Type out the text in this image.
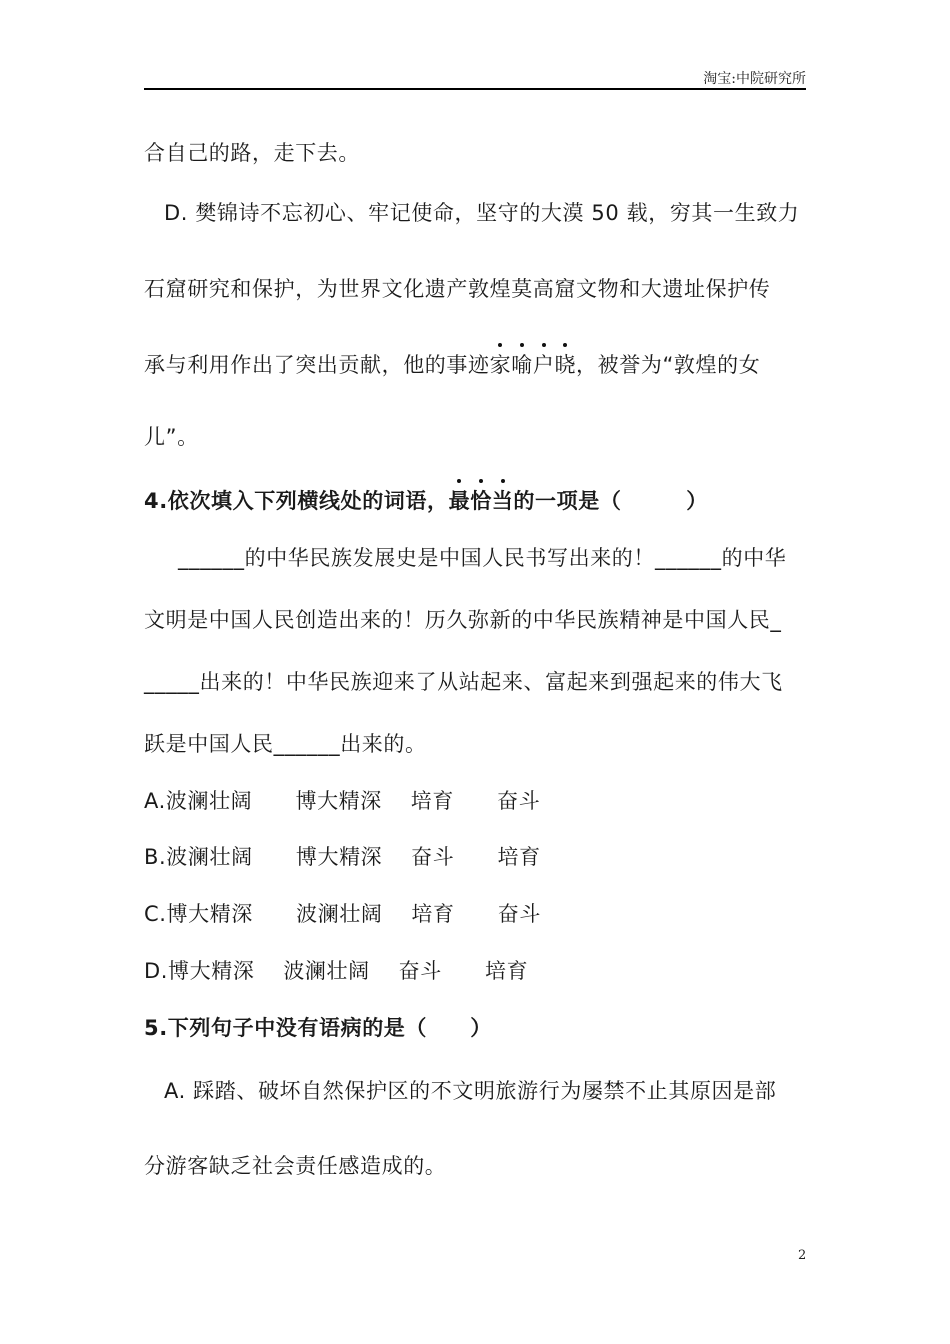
淘宝:中院研究所
合自己的路，走下去。
D. 樊锦诗不忘初心、牢记使命，坚守的大漠 50 载，穷其一生致力
石窟研究和保护，为世界文化遗产敦煌莫高窟文物和大遗址保护传
承与利用作出了突出贡献，他的事迹家喻户晓，被誉为“敦煌的女
儿”。
4.依次填入下列横线处的词语，最恰当的一项是（　　　）
______的中华民族发展史是中国人民书写出来的！______的中华
文明是中国人民创造出来的！历久弥新的中华民族精神是中国人民_
_____出来的！中华民族迎来了从站起来、富起来到强起来的伟大飞
跃是中国人民______出来的。
A.波澜壮阔　　博大精深　 培育　　奋斗
B.波澜壮阔　　博大精深　 奋斗　　培育
C.博大精深　　波澜壮阔　 培育　　奋斗
D.博大精深　 波澜壮阔　 奋斗　　培育
5.下列句子中没有语病的是（　　）
A. 踩踏、破坏自然保护区的不文明旅游行为屡禁不止其原因是部
分游客缺乏社会责任感造成的。
2
